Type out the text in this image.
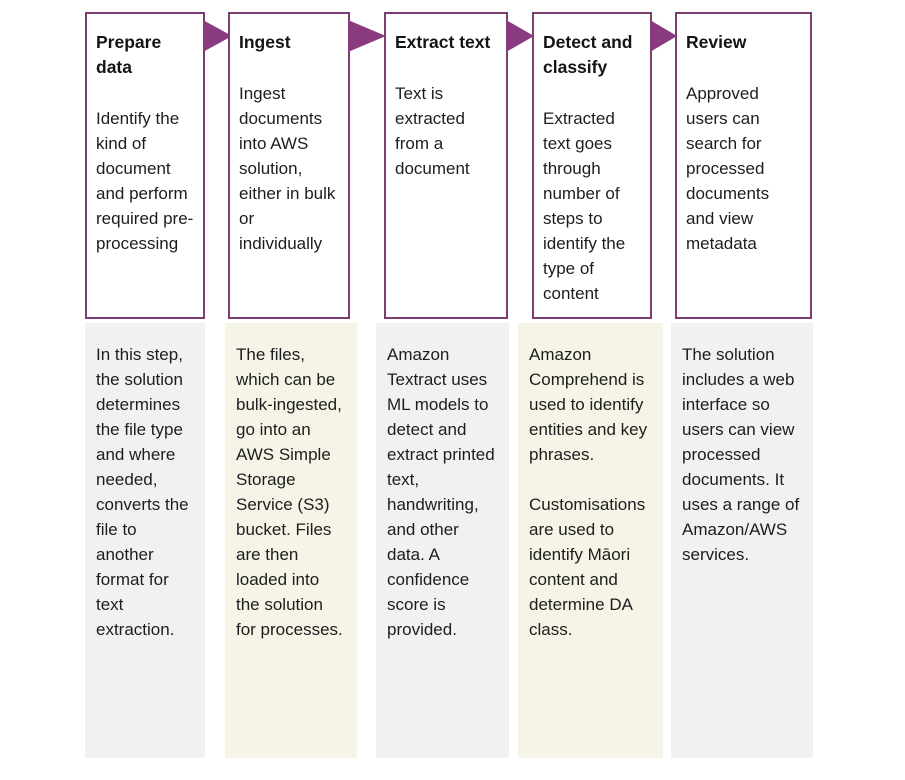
Prepare data
Identify the kind of document and perform required pre-processing

In this step, the solution determines the file type and where needed, converts the file to another format for text extraction.

Ingest
Ingest documents into AWS solution, either in bulk or individually

The files, which can be bulk-ingested, go into an AWS Simple Storage Service (S3) bucket. Files are then loaded into the solution for processes.

Extract text
Text is extracted from a document

Amazon Textract uses ML models to detect and extract printed text, handwriting, and other data. A confidence score is provided.

Detect and classify
Extracted text goes through number of steps to identify the type of content

Amazon Comprehend is used to identify entities and key phrases.

Customisations are used to identify Māori content and determine DA class.

Review
Approved users can search for processed documents and view metadata

The solution includes a web interface so users can view processed documents. It uses a range of Amazon/AWS services.
